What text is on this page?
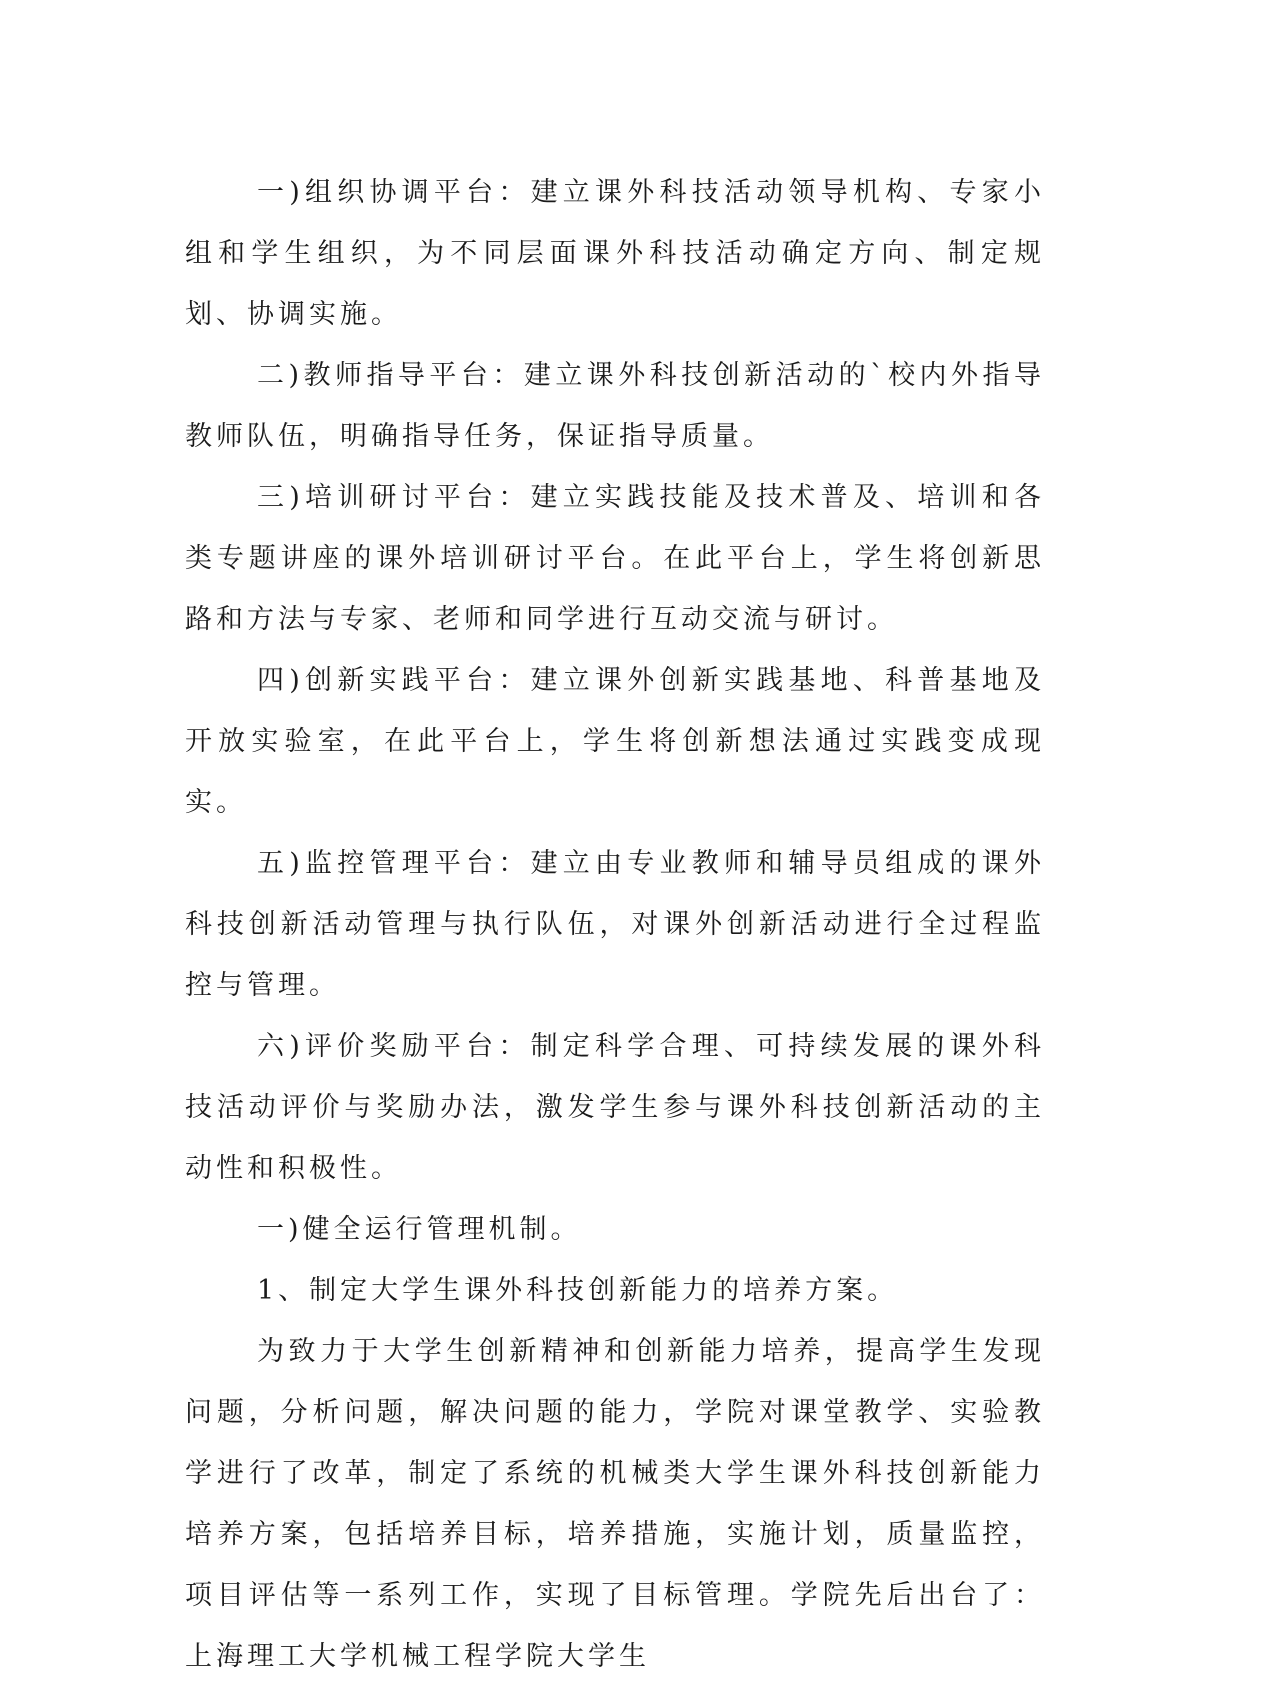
一)组织协调平台：建立课外科技活动领导机构、专家小组和学生组织，为不同层面课外科技活动确定方向、制定规划、协调实施。

二)教师指导平台：建立课外科技创新活动的`校内外指导教师队伍，明确指导任务，保证指导质量。

三)培训研讨平台：建立实践技能及技术普及、培训和各类专题讲座的课外培训研讨平台。在此平台上，学生将创新思路和方法与专家、老师和同学进行互动交流与研讨。

四)创新实践平台：建立课外创新实践基地、科普基地及开放实验室，在此平台上，学生将创新想法通过实践变成现实。

五)监控管理平台：建立由专业教师和辅导员组成的课外科技创新活动管理与执行队伍，对课外创新活动进行全过程监控与管理。

六)评价奖励平台：制定科学合理、可持续发展的课外科技活动评价与奖励办法，激发学生参与课外科技创新活动的主动性和积极性。

一)健全运行管理机制。

1、制定大学生课外科技创新能力的培养方案。

为致力于大学生创新精神和创新能力培养，提高学生发现问题，分析问题，解决问题的能力，学院对课堂教学、实验教学进行了改革，制定了系统的机械类大学生课外科技创新能力培养方案，包括培养目标，培养措施，实施计划，质量监控，项目评估等一系列工作，实现了目标管理。学院先后出台了：上海理工大学机械工程学院大学生
